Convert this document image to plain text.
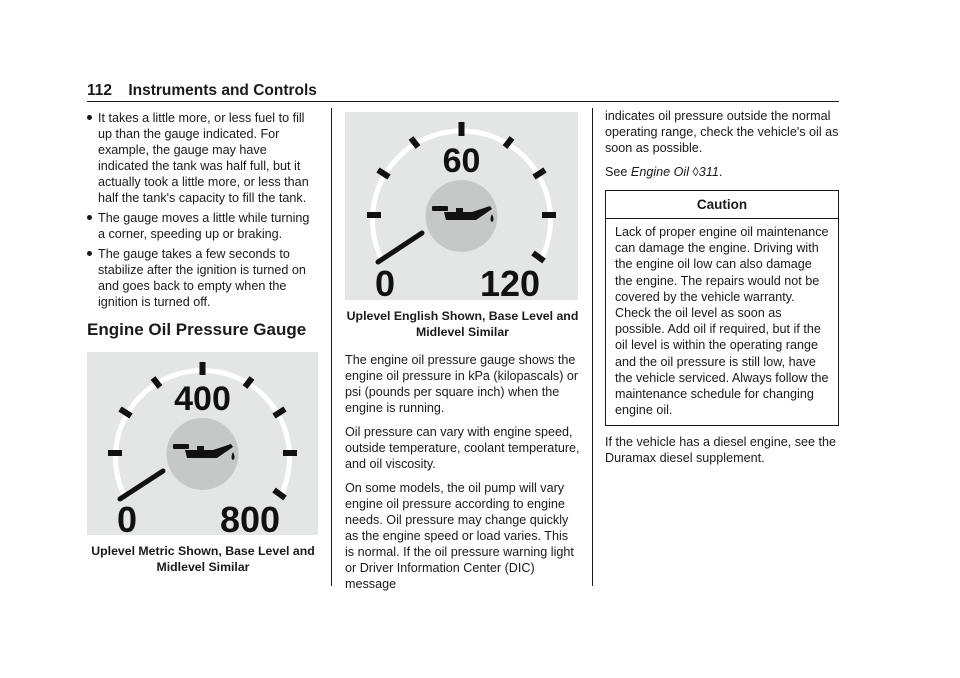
112 Instruments and Controls
It takes a little more, or less fuel to fill up than the gauge indicated. For example, the gauge may have indicated the tank was half full, but it actually took a little more, or less than half the tank's capacity to fill the tank.
The gauge moves a little while turning a corner, speeding up or braking.
The gauge takes a few seconds to stabilize after the ignition is turned on and goes back to empty when the ignition is turned off.
Engine Oil Pressure Gauge
400
0 800
Uplevel Metric Shown, Base Level and
Midlevel Similar
60
0 120
Uplevel English Shown, Base Level and
Midlevel Similar

The engine oil pressure gauge shows the engine oil pressure in kPa (kilopascals) or psi (pounds per square inch) when the engine is running.

Oil pressure can vary with engine speed, outside temperature, coolant temperature, and oil viscosity.

On some models, the oil pump will vary engine oil pressure according to engine needs. Oil pressure may change quickly as the engine speed or load varies. This is normal. If the oil pressure warning light or Driver Information Center (DIC) message

indicates oil pressure outside the normal operating range, check the vehicle's oil as soon as possible.

See Engine Oil ◊311.

Caution
Lack of proper engine oil maintenance can damage the engine. Driving with the engine oil low can also damage the engine. The repairs would not be covered by the vehicle warranty. Check the oil level as soon as possible. Add oil if required, but if the oil level is within the operating range and the oil pressure is still low, have the vehicle serviced. Always follow the maintenance schedule for changing engine oil.

If the vehicle has a diesel engine, see the Duramax diesel supplement.
